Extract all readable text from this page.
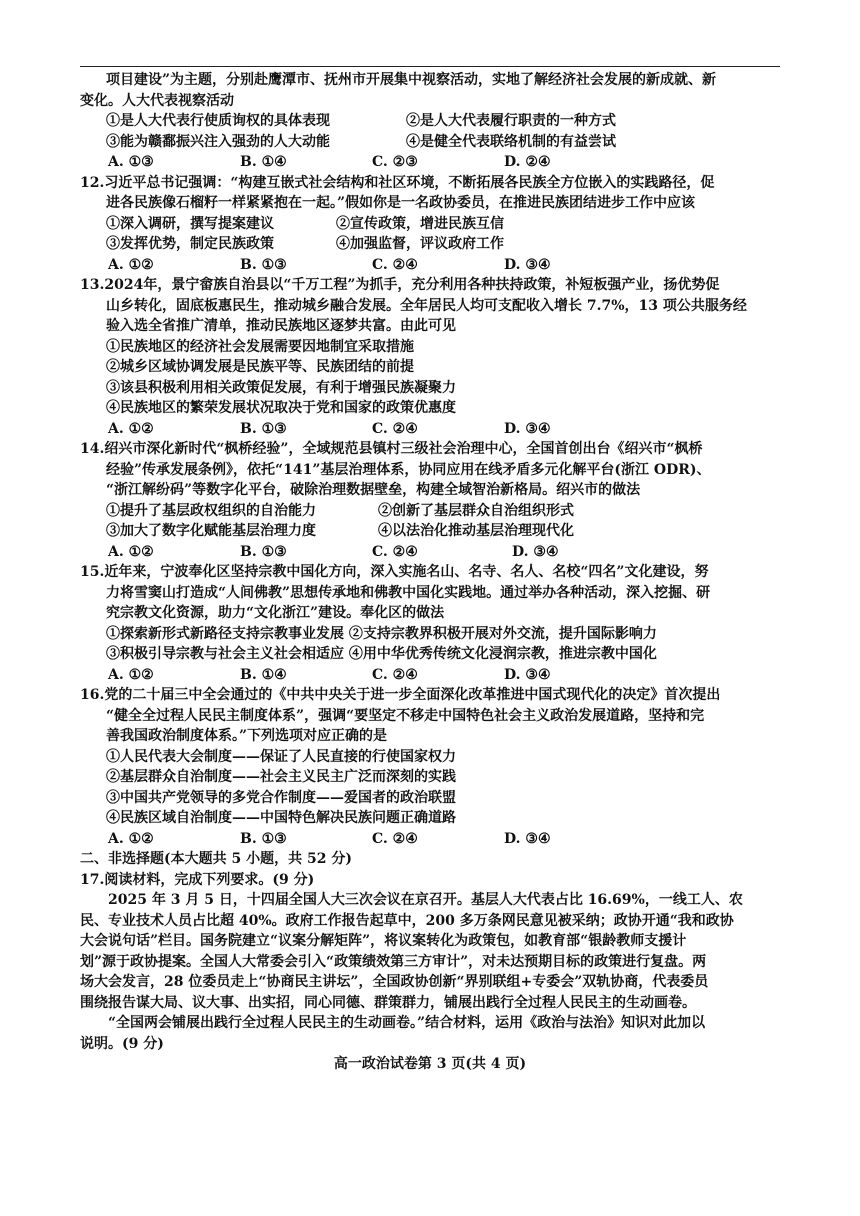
项目建设”为主题，分别赴鹰潭市、抚州市开展集中视察活动，实地了解经济社会发展的新成就、新
变化。人大代表视察活动
①是人大代表行使质询权的具体表现	②是人大代表履行职责的一种方式
③能为赣鄱振兴注入强劲的人大动能	④是健全代表联络机制的有益尝试
A. ①③	B. ①④	C. ②③	D. ②④
12.习近平总书记强调：“构建互嵌式社会结构和社区环境，不断拓展各民族全方位嵌入的实践路径，促
进各民族像石榴籽一样紧紧抱在一起。”假如你是一名政协委员，在推进民族团结进步工作中应该
①深入调研，撰写提案建议	②宣传政策，增进民族互信
③发挥优势，制定民族政策	④加强监督，评议政府工作
A. ①②	B. ①③	C. ②④	D. ③④
13.2024年，景宁畲族自治县以“千万工程”为抓手，充分利用各种扶持政策，补短板强产业，扬优势促
山乡转化，固底板惠民生，推动城乡融合发展。全年居民人均可支配收入增长 7.7%，13 项公共服务经
验入选全省推广清单，推动民族地区逐梦共富。由此可见
①民族地区的经济社会发展需要因地制宜采取措施
②城乡区域协调发展是民族平等、民族团结的前提
③该县积极利用相关政策促发展，有利于增强民族凝聚力
④民族地区的繁荣发展状况取决于党和国家的政策优惠度
A. ①②	B. ①③	C. ②④	D. ③④
14.绍兴市深化新时代“枫桥经验”，全域规范县镇村三级社会治理中心，全国首创出台《绍兴市“枫桥
经验”传承发展条例》，依托“141”基层治理体系，协同应用在线矛盾多元化解平台(浙江 ODR)、
“浙江解纷码”等数字化平台，破除治理数据壁垒，构建全域智治新格局。绍兴市的做法
①提升了基层政权组织的自治能力	②创新了基层群众自治组织形式
③加大了数字化赋能基层治理力度	④以法治化推动基层治理现代化
A. ①②	B. ①③	C. ②④	D. ③④
15.近年来，宁波奉化区坚持宗教中国化方向，深入实施名山、名寺、名人、名校“四名”文化建设，努
力将雪窦山打造成“人间佛教”思想传承地和佛教中国化实践地。通过举办各种活动，深入挖掘、研
究宗教文化资源，助力“文化浙江”建设。奉化区的做法
①探索新形式新路径支持宗教事业发展 ②支持宗教界积极开展对外交流，提升国际影响力
③积极引导宗教与社会主义社会相适应 ④用中华优秀传统文化浸润宗教，推进宗教中国化
A. ①②	B. ①④	C. ②④	D. ③④
16.党的二十届三中全会通过的《中共中央关于进一步全面深化改革推进中国式现代化的决定》首次提出
“健全全过程人民民主制度体系”，强调“要坚定不移走中国特色社会主义政治发展道路，坚持和完
善我国政治制度体系。”下列选项对应正确的是
①人民代表大会制度——保证了人民直接的行使国家权力
②基层群众自治制度——社会主义民主广泛而深刻的实践
③中国共产党领导的多党合作制度——爱国者的政治联盟
④民族区域自治制度——中国特色解决民族问题正确道路
A. ①②	B. ①③	C. ②④	D. ③④
二、非选择题(本大题共 5 小题，共 52 分)
17.阅读材料，完成下列要求。(9 分)
2025 年 3 月 5 日，十四届全国人大三次会议在京召开。基层人大代表占比 16.69%，一线工人、农
民、专业技术人员占比超 40%。政府工作报告起草中，200 多万条网民意见被采纳；政协开通“我和政协
大会说句话”栏目。国务院建立“议案分解矩阵”，将议案转化为政策包，如教育部“银龄教师支援计
划”源于政协提案。全国人大常委会引入“政策绩效第三方审计”，对未达预期目标的政策进行复盘。两
场大会发言，28 位委员走上“协商民主讲坛”，全国政协创新“界别联组+专委会”双轨协商，代表委员
围绕报告谋大局、议大事、出实招，同心同德、群策群力，铺展出践行全过程人民民主的生动画卷。
“全国两会铺展出践行全过程人民民主的生动画卷。”结合材料，运用《政治与法治》知识对此加以
说明。(9 分)
高一政治试卷第 3 页(共 4 页)
